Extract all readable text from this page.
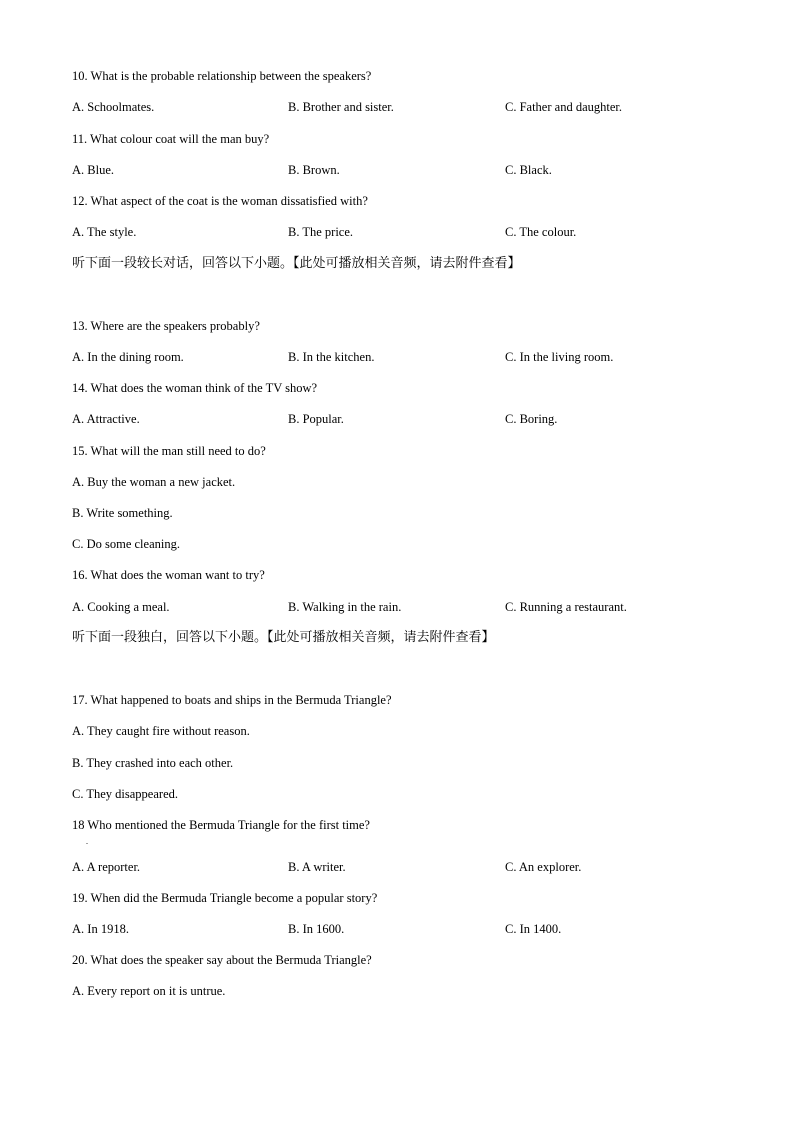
10. What is the probable relationship between the speakers?
A. Schoolmates.	B. Brother and sister.	C. Father and daughter.
11. What colour coat will the man buy?
A. Blue.	B. Brown.	C. Black.
12. What aspect of the coat is the woman dissatisfied with?
A. The style.	B. The price.	C. The colour.
听下面一段较长对话，回答以下小题。【此处可播放相关音频，请去附件查看】
13. Where are the speakers probably?
A. In the dining room.	B. In the kitchen.	C. In the living room.
14. What does the woman think of the TV show?
A. Attractive.	B. Popular.	C. Boring.
15. What will the man still need to do?
A. Buy the woman a new jacket.
B. Write something.
C. Do some cleaning.
16. What does the woman want to try?
A. Cooking a meal.	B. Walking in the rain.	C. Running a restaurant.
听下面一段独白，回答以下小题。【此处可播放相关音频，请去附件查看】
17. What happened to boats and ships in the Bermuda Triangle?
A. They caught fire without reason.
B. They crashed into each other.
C. They disappeared.
18 Who mentioned the Bermuda Triangle for the first time?
.
A. A reporter.	B. A writer.	C. An explorer.
19. When did the Bermuda Triangle become a popular story?
A. In 1918.	B. In 1600.	C. In 1400.
20. What does the speaker say about the Bermuda Triangle?
A. Every report on it is untrue.
